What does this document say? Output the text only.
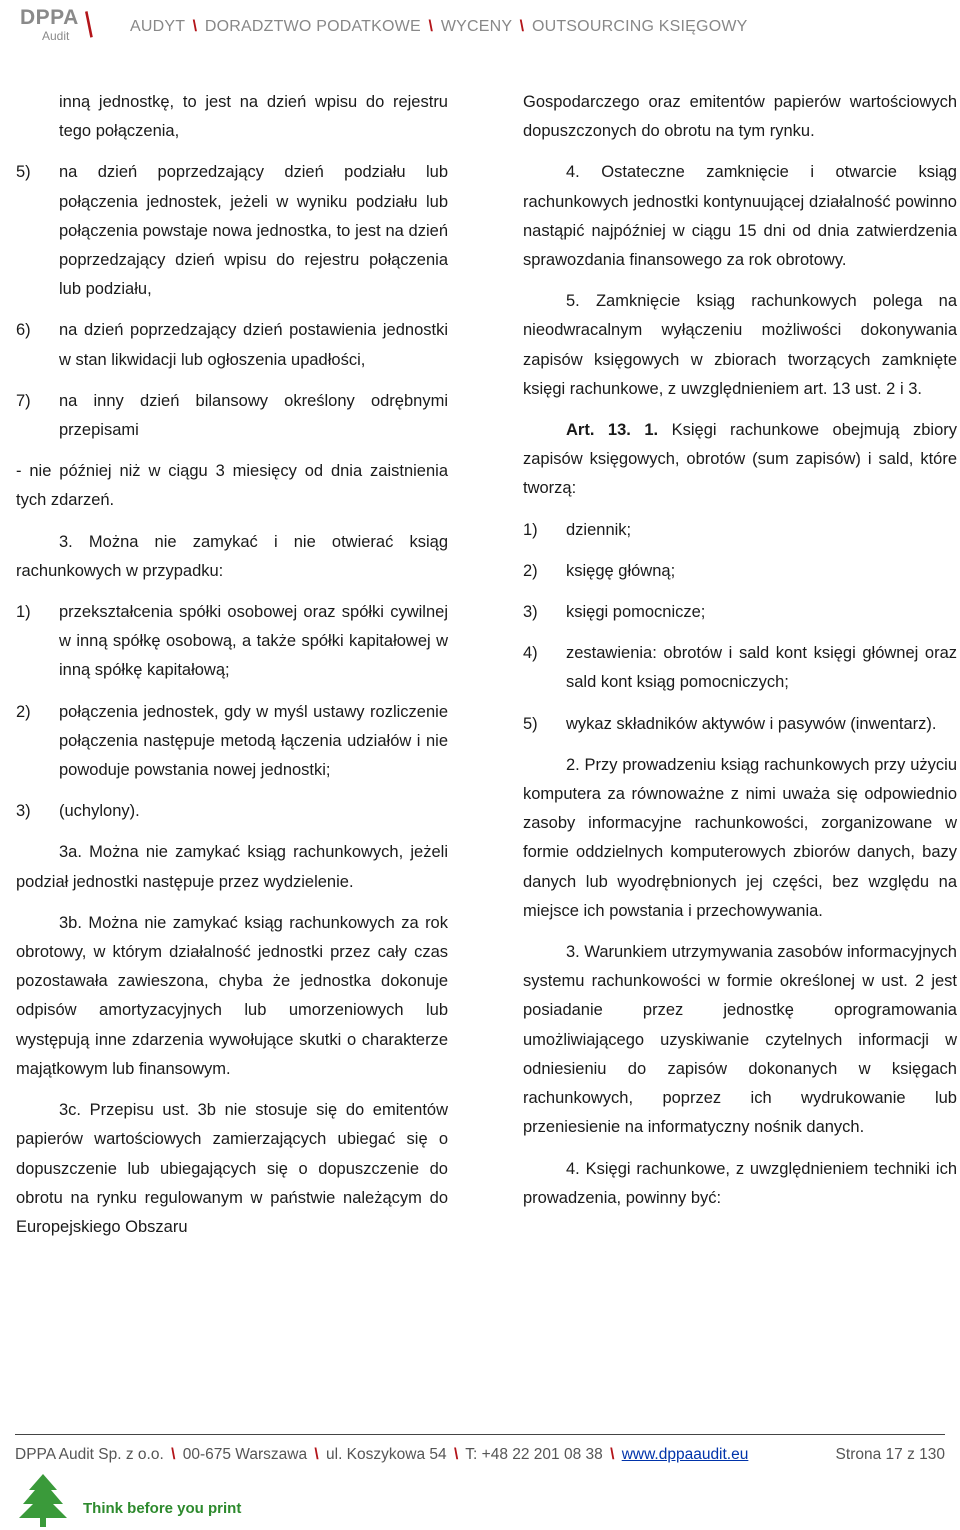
DPPA
Audit \ AUDYT \ DORADZTWO PODATKOWE \ WYCENY \ OUTSOURCING KSIĘGOWY

inną jednostkę, to jest na dzień wpisu do rejestru tego połączenia,

5) na dzień poprzedzający dzień podziału lub połączenia jednostek, jeżeli w wyniku podziału lub połączenia powstaje nowa jednostka, to jest na dzień poprzedzający dzień wpisu do rejestru połączenia lub podziału,
6) na dzień poprzedzający dzień postawienia jednostki w stan likwidacji lub ogłoszenia upadłości,
7) na inny dzień bilansowy określony odrębnymi przepisami

- nie później niż w ciągu 3 miesięcy od dnia zaistnienia tych zdarzeń.

3. Można nie zamykać i nie otwierać ksiąg rachunkowych w przypadku:

1) przekształcenia spółki osobowej oraz spółki cywilnej w inną spółkę osobową, a także spółki kapitałowej w inną spółkę kapitałową;
2) połączenia jednostek, gdy w myśl ustawy rozliczenie połączenia następuje metodą łączenia udziałów i nie powoduje powstania nowej jednostki;
3) (uchylony).

3a. Można nie zamykać ksiąg rachunkowych, jeżeli podział jednostki następuje przez wydzielenie.

3b. Można nie zamykać ksiąg rachunkowych za rok obrotowy, w którym działalność jednostki przez cały czas pozostawała zawieszona, chyba że jednostka dokonuje odpisów amortyzacyjnych lub umorzeniowych lub występują inne zdarzenia wywołujące skutki o charakterze majątkowym lub finansowym.

3c. Przepisu ust. 3b nie stosuje się do emitentów papierów wartościowych zamierzających ubiegać się o dopuszczenie lub ubiegających się o dopuszczenie do obrotu na rynku regulowanym w państwie należącym do Europejskiego Obszaru

Gospodarczego oraz emitentów papierów wartościowych dopuszczonych do obrotu na tym rynku.

4. Ostateczne zamknięcie i otwarcie ksiąg rachunkowych jednostki kontynuującej działalność powinno nastąpić najpóźniej w ciągu 15 dni od dnia zatwierdzenia sprawozdania finansowego za rok obrotowy.

5. Zamknięcie ksiąg rachunkowych polega na nieodwracalnym wyłączeniu możliwości dokonywania zapisów księgowych w zbiorach tworzących zamknięte księgi rachunkowe, z uwzględnieniem art. 13 ust. 2 i 3.

Art. 13. 1. Księgi rachunkowe obejmują zbiory zapisów księgowych, obrotów (sum zapisów) i sald, które tworzą:

1) dziennik;
2) księgę główną;
3) księgi pomocnicze;
4) zestawienia: obrotów i sald kont księgi głównej oraz sald kont ksiąg pomocniczych;
5) wykaz składników aktywów i pasywów (inwentarz).

2. Przy prowadzeniu ksiąg rachunkowych przy użyciu komputera za równoważne z nimi uważa się odpowiednio zasoby informacyjne rachunkowości, zorganizowane w formie oddzielnych komputerowych zbiorów danych, bazy danych lub wyodrębnionych jej części, bez względu na miejsce ich powstania i przechowywania.

3. Warunkiem utrzymywania zasobów informacyjnych systemu rachunkowości w formie określonej w ust. 2 jest posiadanie przez jednostkę oprogramowania umożliwiającego uzyskiwanie czytelnych informacji w odniesieniu do zapisów dokonanych w księgach rachunkowych, poprzez ich wydrukowanie lub przeniesienie na informatyczny nośnik danych.

4. Księgi rachunkowe, z uwzględnieniem techniki ich prowadzenia, powinny być:

DPPA Audit Sp. z o.o. \ 00-675 Warszawa \ ul. Koszykowa 54 \ T: +48 22 201 08 38 \ www.dppaaudit.eu	Strona 17 z 130
Think before you print
